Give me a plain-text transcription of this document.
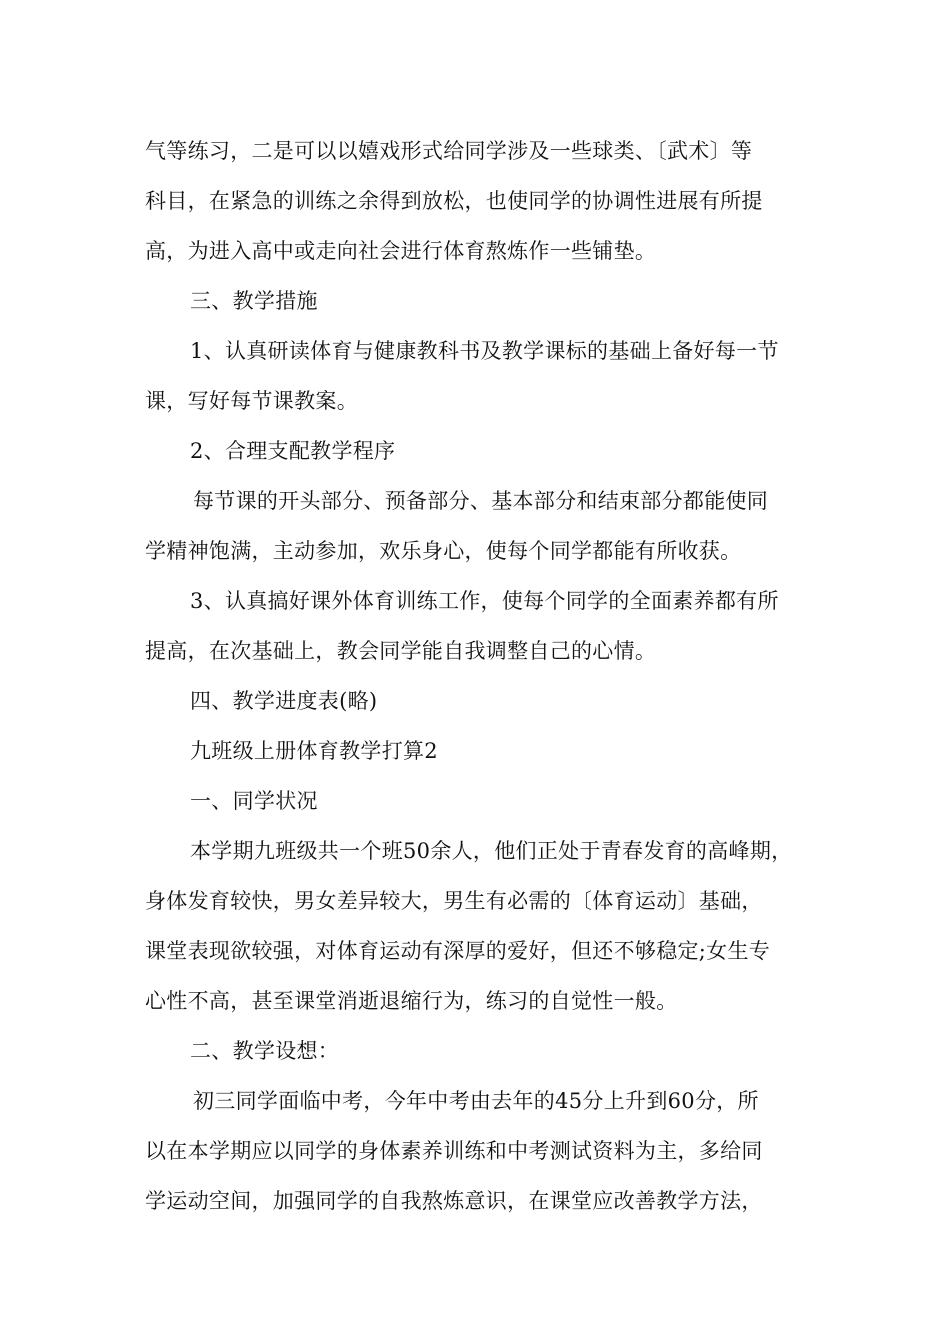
气等练习，二是可以以嬉戏形式给同学涉及一些球类、〔武术〕等
科目，在紧急的训练之余得到放松，也使同学的协调性进展有所提
高，为进入高中或走向社会进行体育熬炼作一些铺垫。
三、教学措施
1、认真研读体育与健康教科书及教学课标的基础上备好每一节
课，写好每节课教案。
2、合理支配教学程序
每节课的开头部分、预备部分、基本部分和结束部分都能使同
学精神饱满，主动参加，欢乐身心，使每个同学都能有所收获。
3、认真搞好课外体育训练工作，使每个同学的全面素养都有所
提高，在次基础上，教会同学能自我调整自己的心情。
四、教学进度表(略)
九班级上册体育教学打算2
一、同学状况
本学期九班级共一个班50余人，他们正处于青春发育的高峰期，
身体发育较快，男女差异较大，男生有必需的〔体育运动〕基础，
课堂表现欲较强，对体育运动有深厚的爱好，但还不够稳定;女生专
心性不高，甚至课堂消逝退缩行为，练习的自觉性一般。
二、教学设想：
初三同学面临中考，今年中考由去年的45分上升到60分，所
以在本学期应以同学的身体素养训练和中考测试资料为主，多给同
学运动空间，加强同学的自我熬炼意识，在课堂应改善教学方法，
